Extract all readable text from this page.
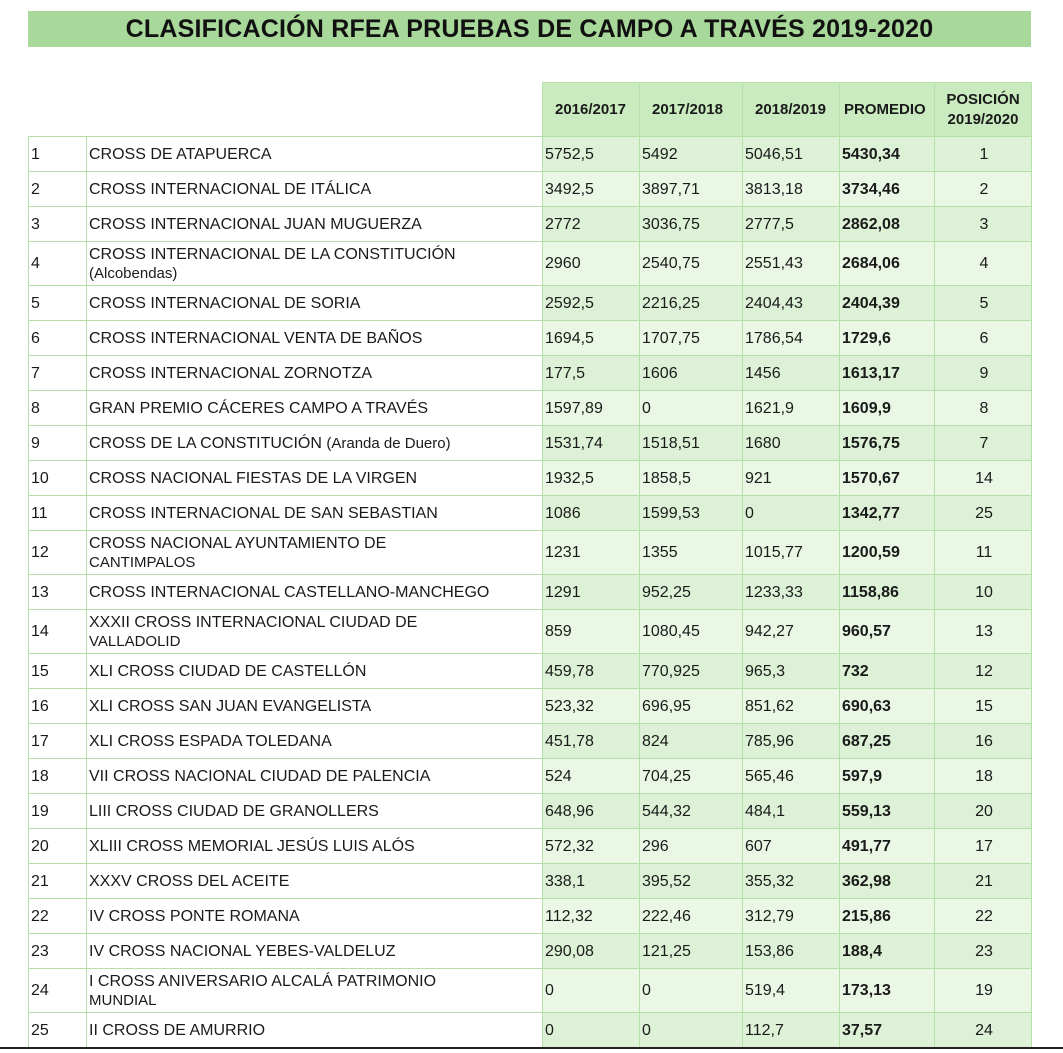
CLASIFICACIÓN RFEA PRUEBAS DE CAMPO A TRAVÉS 2019-2020
		2016/2017	2017/2018	2018/2019	PROMEDIO	POSICIÓN
2019/2020

1	CROSS DE ATAPUERCA	5752,5	5492	5046,51	5430,34	1
2	CROSS INTERNACIONAL DE ITÁLICA	3492,5	3897,71	3813,18	3734,46	2
3	CROSS INTERNACIONAL JUAN MUGUERZA	2772	3036,75	2777,5	2862,08	3
4	CROSS INTERNACIONAL DE LA CONSTITUCIÓN
(Alcobendas)	2960	2540,75	2551,43	2684,06	4
5	CROSS INTERNACIONAL DE SORIA	2592,5	2216,25	2404,43	2404,39	5
6	CROSS INTERNACIONAL VENTA DE BAÑOS	1694,5	1707,75	1786,54	1729,6	6
7	CROSS INTERNACIONAL ZORNOTZA	177,5	1606	1456	1613,17	9
8	GRAN PREMIO CÁCERES CAMPO A TRAVÉS	1597,89	0	1621,9	1609,9	8
9	CROSS DE LA CONSTITUCIÓN (Aranda de Duero)	1531,74	1518,51	1680	1576,75	7
10	CROSS NACIONAL FIESTAS DE LA VIRGEN	1932,5	1858,5	921	1570,67	14
11	CROSS INTERNACIONAL DE SAN SEBASTIAN	1086	1599,53	0	1342,77	25
12	CROSS NACIONAL AYUNTAMIENTO DE
CANTIMPALOS	1231	1355	1015,77	1200,59	11
13	CROSS INTERNACIONAL CASTELLANO-MANCHEGO	1291	952,25	1233,33	1158,86	10
14	XXXII CROSS INTERNACIONAL CIUDAD DE
VALLADOLID	859	1080,45	942,27	960,57	13
15	XLI CROSS CIUDAD DE CASTELLÓN	459,78	770,925	965,3	732	12
16	XLI CROSS SAN JUAN EVANGELISTA	523,32	696,95	851,62	690,63	15
17	XLI CROSS ESPADA TOLEDANA	451,78	824	785,96	687,25	16
18	VII CROSS NACIONAL CIUDAD DE PALENCIA	524	704,25	565,46	597,9	18
19	LIII CROSS CIUDAD DE GRANOLLERS	648,96	544,32	484,1	559,13	20
20	XLIII CROSS MEMORIAL JESÚS LUIS ALÓS	572,32	296	607	491,77	17
21	XXXV CROSS DEL ACEITE	338,1	395,52	355,32	362,98	21
22	IV CROSS PONTE ROMANA	112,32	222,46	312,79	215,86	22
23	IV CROSS NACIONAL YEBES-VALDELUZ	290,08	121,25	153,86	188,4	23
24	I CROSS ANIVERSARIO ALCALÁ PATRIMONIO
MUNDIAL	0	0	519,4	173,13	19
25	II CROSS DE AMURRIO	0	0	112,7	37,57	24
